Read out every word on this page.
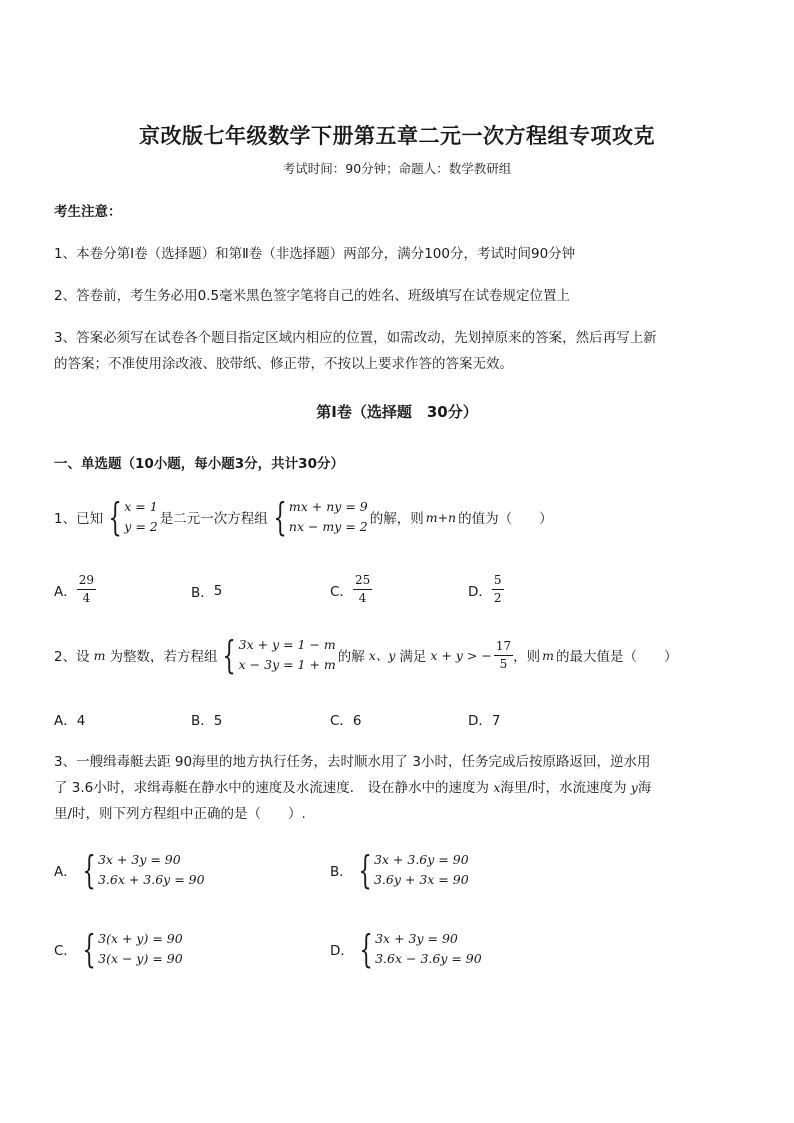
京改版七年级数学下册第五章二元一次方程组专项攻克
考试时间：90分钟；命题人：数学教研组
考生注意：
1、本卷分第Ⅰ卷（选择题）和第Ⅱ卷（非选择题）两部分，满分100分，考试时间90分钟
2、答卷前，考生务必用0.5毫米黑色签字笔将自己的姓名、班级填写在试卷规定位置上
3、答案必须写在试卷各个题目指定区域内相应的位置，如需改动，先划掉原来的答案，然后再写上新
的答案；不准使用涂改液、胶带纸、修正带，不按以上要求作答的答案无效。
第Ⅰ卷（选择题　30分）
一、单选题（10小题，每小题3分，共计30分）
1、已知 { x = 1
y = 2 是二元一次方程组 { mx + ny = 9
nx − my = 2 的解，则 m+n 的值为（　　）
A． $\frac{29}{4}$	B． 5	C． $\frac{25}{4}$	D． $\frac{5}{2}$
2、设 m 为整数，若方程组 { 3x + y = 1 − m
x − 3y = 1 + m 的解 x、y 满足 x + y > − $\frac{17}{5}$ ，则 m 的最大值是（　　）
A．4	B．5	C．6	D．7
3、一艘缉毒艇去距 90海里的地方执行任务，去时顺水用了 3小时，任务完成后按原路返回，逆水用
了 3.6小时，求缉毒艇在静水中的速度及水流速度． 设在静水中的速度为 x海里/时，水流速度为 y海
里/时，则下列方程组中正确的是（　　）.
A． { 3x + 3y = 90
3.6x + 3.6y = 90	B． { 3x + 3.6y = 90
3.6y + 3x = 90
C． { 3(x + y) = 90
3(x − y) = 90	D． { 3x + 3y = 90
3.6x − 3.6y = 90
